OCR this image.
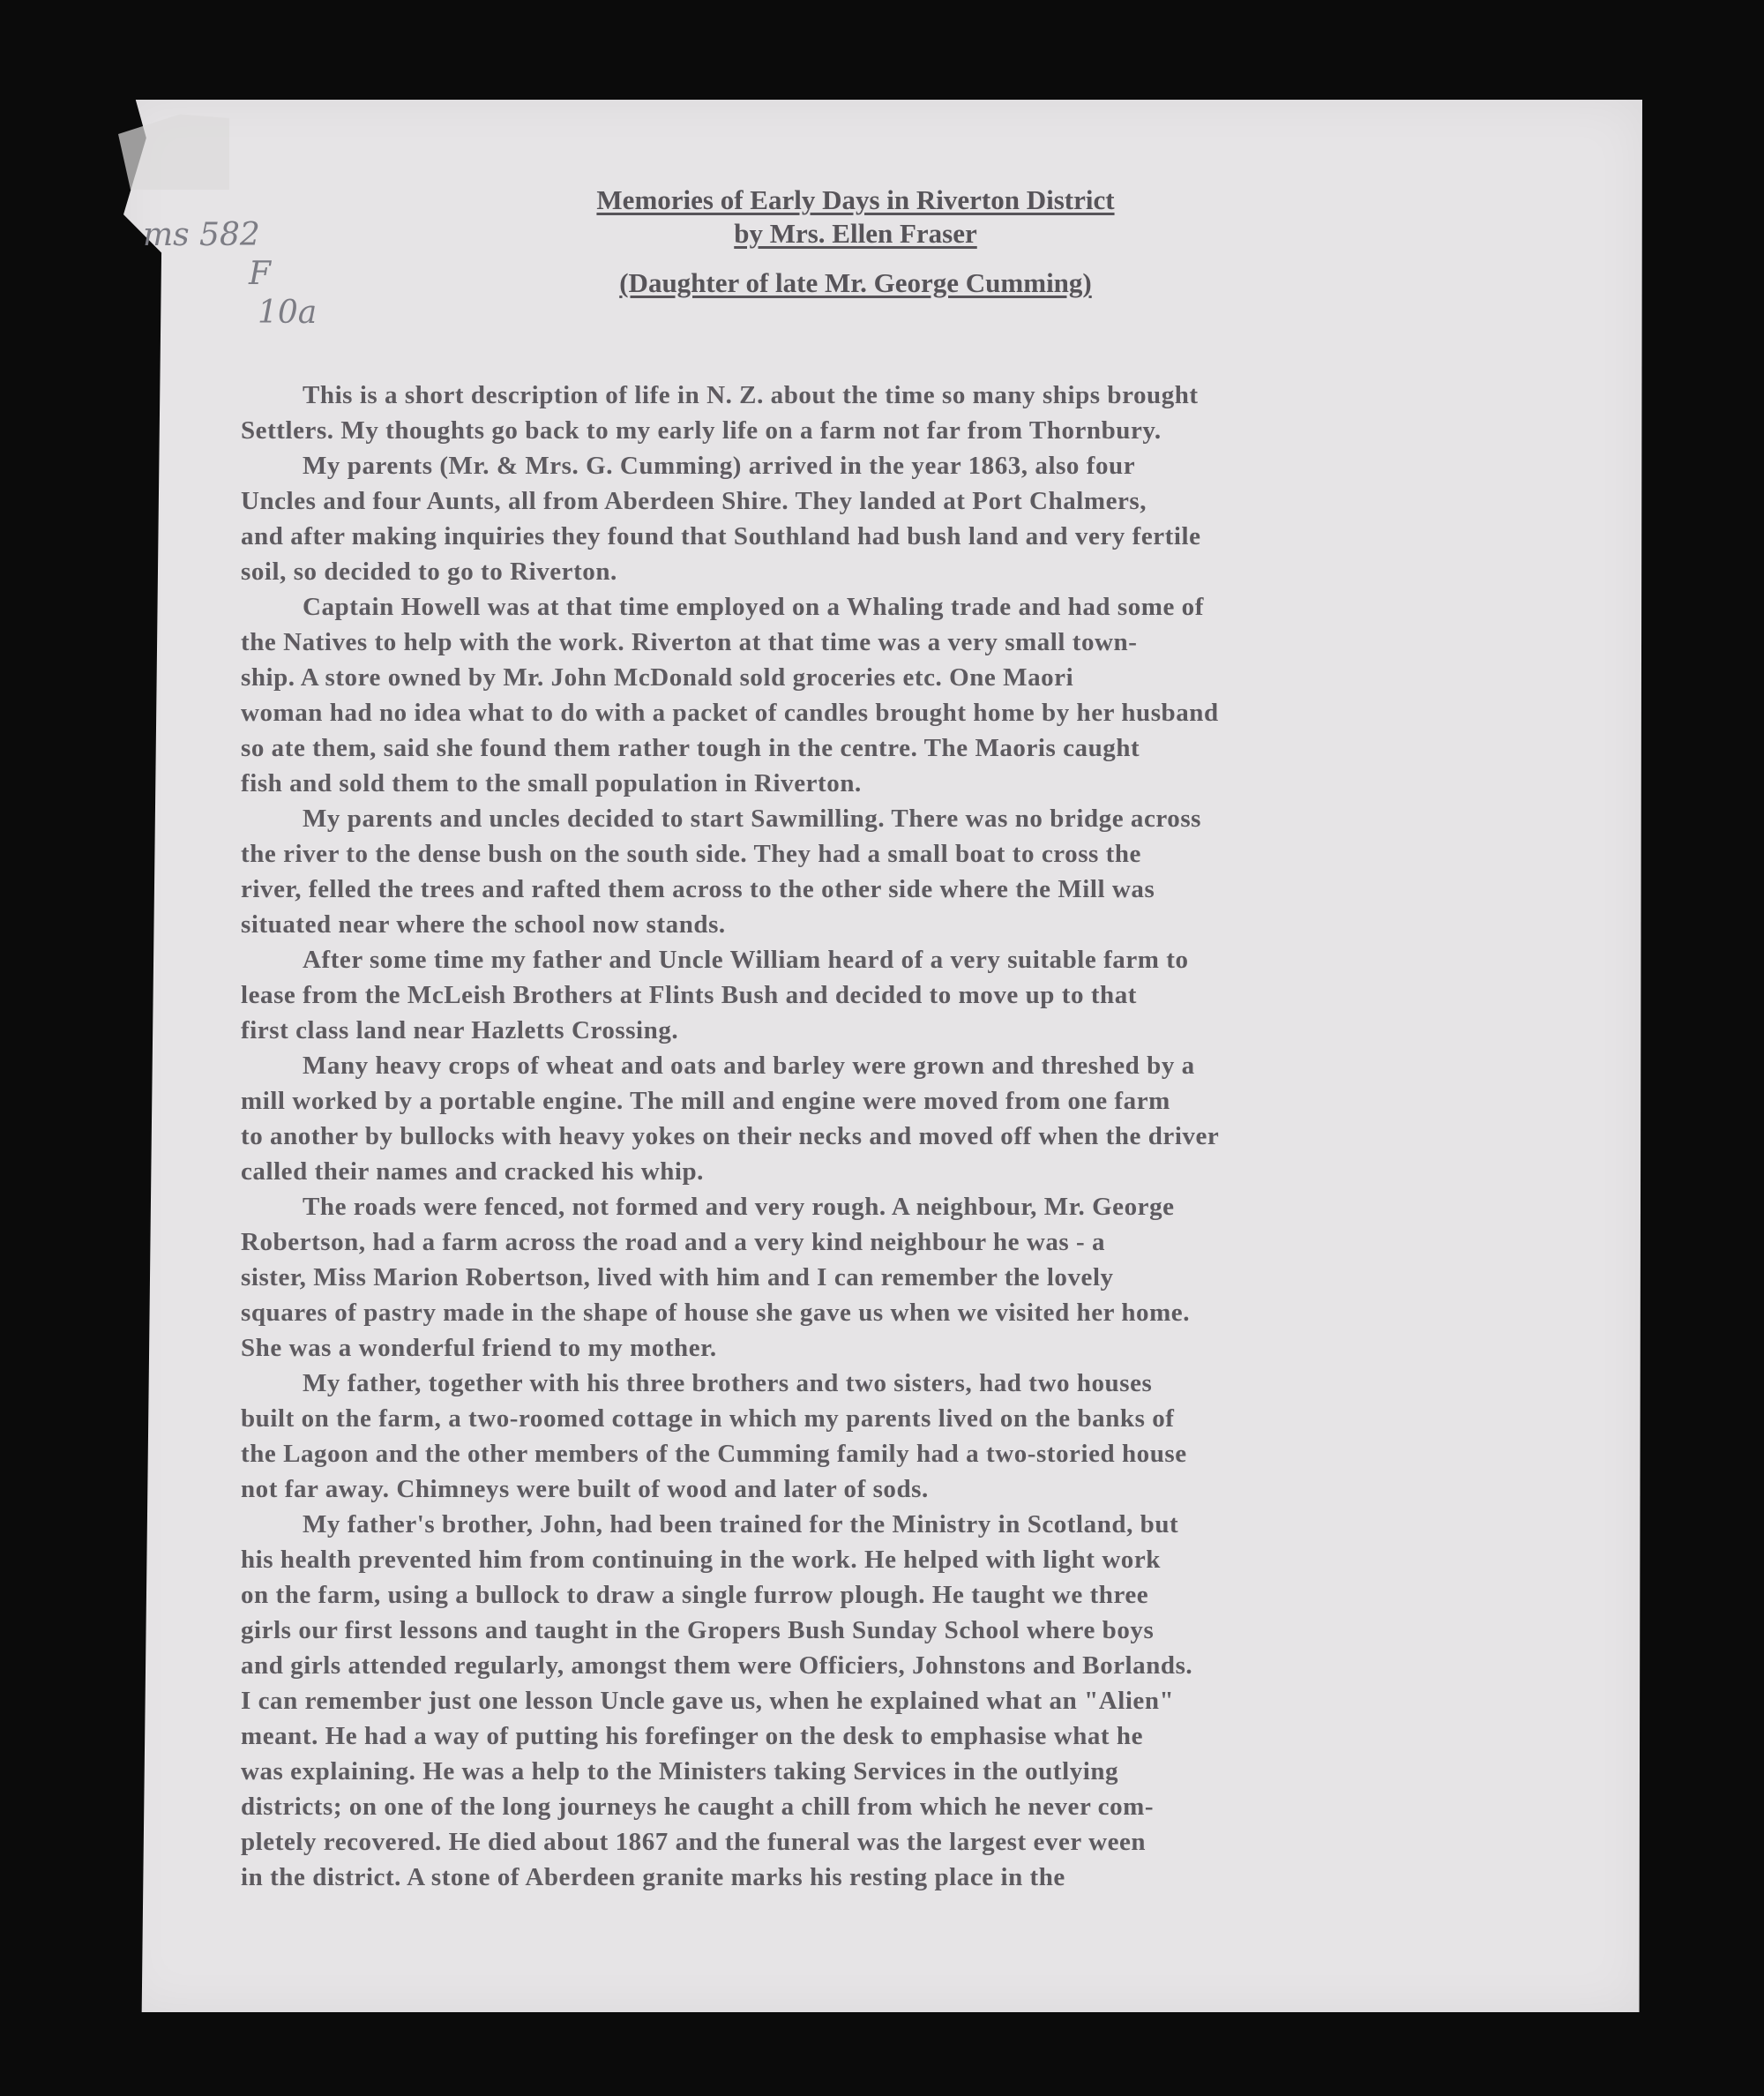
ms 582
F
10a
Memories of Early Days in Riverton District
by Mrs. Ellen Fraser
(Daughter of late Mr. George Cumming)
This is a short description of life in N. Z. about the time so many ships brought
Settlers. My thoughts go back to my early life on a farm not far from Thornbury.
My parents (Mr. & Mrs. G. Cumming) arrived in the year 1863, also four
Uncles and four Aunts, all from Aberdeen Shire. They landed at Port Chalmers,
and after making inquiries they found that Southland had bush land and very fertile
soil, so decided to go to Riverton.
Captain Howell was at that time employed on a Whaling trade and had some of
the Natives to help with the work. Riverton at that time was a very small town-
ship. A store owned by Mr. John McDonald sold groceries etc. One Maori
woman had no idea what to do with a packet of candles brought home by her husband
so ate them, said she found them rather tough in the centre. The Maoris caught
fish and sold them to the small population in Riverton.
My parents and uncles decided to start Sawmilling. There was no bridge across
the river to the dense bush on the south side. They had a small boat to cross the
river, felled the trees and rafted them across to the other side where the Mill was
situated near where the school now stands.
After some time my father and Uncle William heard of a very suitable farm to
lease from the McLeish Brothers at Flints Bush and decided to move up to that
first class land near Hazletts Crossing.
Many heavy crops of wheat and oats and barley were grown and threshed by a
mill worked by a portable engine. The mill and engine were moved from one farm
to another by bullocks with heavy yokes on their necks and moved off when the driver
called their names and cracked his whip.
The roads were fenced, not formed and very rough. A neighbour, Mr. George
Robertson, had a farm across the road and a very kind neighbour he was - a
sister, Miss Marion Robertson, lived with him and I can remember the lovely
squares of pastry made in the shape of house she gave us when we visited her home.
She was a wonderful friend to my mother.
My father, together with his three brothers and two sisters, had two houses
built on the farm, a two-roomed cottage in which my parents lived on the banks of
the Lagoon and the other members of the Cumming family had a two-storied house
not far away. Chimneys were built of wood and later of sods.
My father's brother, John, had been trained for the Ministry in Scotland, but
his health prevented him from continuing in the work. He helped with light work
on the farm, using a bullock to draw a single furrow plough. He taught we three
girls our first lessons and taught in the Gropers Bush Sunday School where boys
and girls attended regularly, amongst them were Officiers, Johnstons and Borlands.
I can remember just one lesson Uncle gave us, when he explained what an "Alien"
meant. He had a way of putting his forefinger on the desk to emphasise what he
was explaining. He was a help to the Ministers taking Services in the outlying
districts; on one of the long journeys he caught a chill from which he never com-
pletely recovered. He died about 1867 and the funeral was the largest ever ween
in the district. A stone of Aberdeen granite marks his resting place in the
